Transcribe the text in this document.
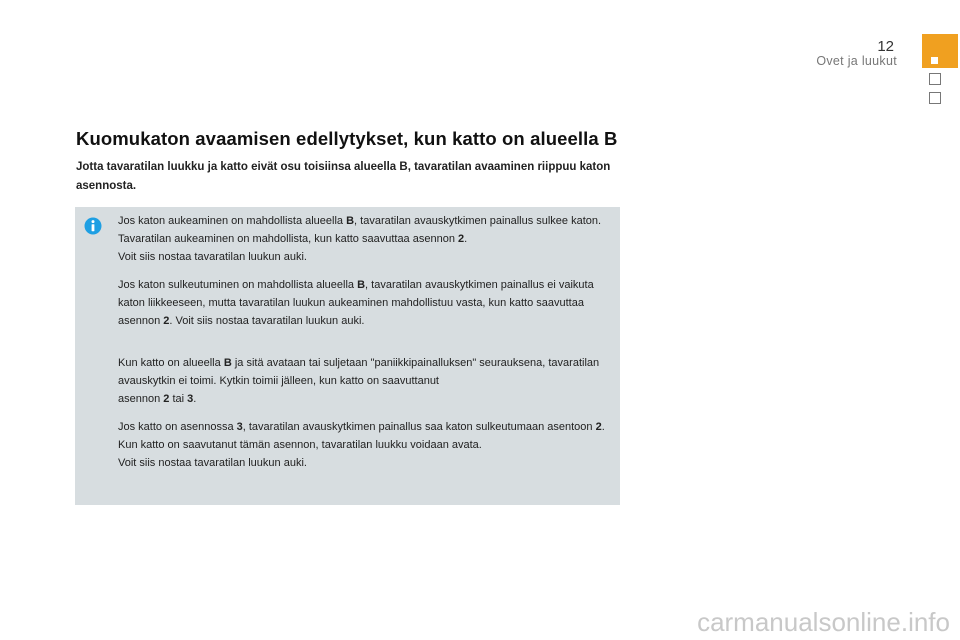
12
Ovet ja luukut
Kuomukaton avaamisen edellytykset, kun katto on alueella B

Jotta tavaratilan luukku ja katto eivät osu toisiinsa alueella B, tavaratilan avaaminen riippuu katon asennosta.

Jos katon aukeaminen on mahdollista alueella B, tavaratilan avauskytkimen painallus sulkee katon. Tavaratilan aukeaminen on mahdollista, kun katto saavuttaa asennon 2.
Voit siis nostaa tavaratilan luukun auki.

Jos katon sulkeutuminen on mahdollista alueella B, tavaratilan avauskytkimen painallus ei vaikuta katon liikkeeseen, mutta tavaratilan luukun aukeaminen mahdollistuu vasta, kun katto saavuttaa asennon 2. Voit siis nostaa tavaratilan luukun auki.

Kun katto on alueella B ja sitä avataan tai suljetaan "paniikkipainalluksen" seurauksena, tavaratilan avauskytkin ei toimi. Kytkin toimii jälleen, kun katto on saavuttanut
asennon 2 tai 3.

Jos katto on asennossa 3, tavaratilan avauskytkimen painallus saa katon sulkeutumaan asentoon 2. Kun katto on saavutanut tämän asennon, tavaratilan luukku voidaan avata.
Voit siis nostaa tavaratilan luukun auki.

carmanualsonline.info
